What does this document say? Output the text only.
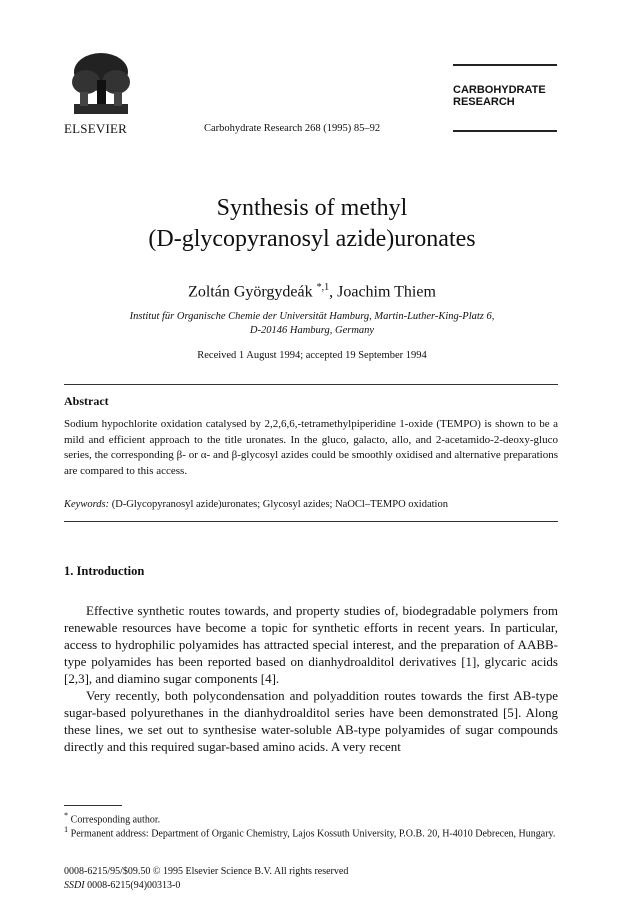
ELSEVIER	Carbohydrate Research 268 (1995) 85–92
CARBOHYDRATE
RESEARCH
Synthesis of methyl
(D-glycopyranosyl azide)uronates
Zoltán Györgydeák $^{*,1}$, Joachim Thiem
Institut für Organische Chemie der Universität Hamburg, Martin-Luther-King-Platz 6,
D-20146 Hamburg, Germany
Received 1 August 1994; accepted 19 September 1994
Abstract
Sodium hypochlorite oxidation catalysed by 2,2,6,6,-tetramethylpiperidine 1-oxide (TEMPO) is shown to be a mild and efficient approach to the title uronates. In the gluco, galacto, allo, and 2-acetamido-2-deoxy-gluco series, the corresponding β- or α- and β-glycosyl azides could be smoothly oxidised and alternative preparations are compared to this access.
Keywords: (D-Glycopyranosyl azide)uronates; Glycosyl azides; NaOCl–TEMPO oxidation
1. Introduction

Effective synthetic routes towards, and property studies of, biodegradable polymers from renewable resources have become a topic for synthetic efforts in recent years. In particular, access to hydrophilic polyamides has attracted special interest, and the preparation of AABB-type polyamides has been reported based on dianhydroalditol derivatives [1], glycaric acids [2,3], and diamino sugar components [4].

Very recently, both polycondensation and polyaddition routes towards the first AB-type sugar-based polyurethanes in the dianhydroalditol series have been demonstrated [5]. Along these lines, we set out to synthesise water-soluble AB-type polyamides of sugar compounds directly and this required sugar-based amino acids. A very recent

* Corresponding author.
$^1$ Permanent address: Department of Organic Chemistry, Lajos Kossuth University, P.O.B. 20, H-4010 Debrecen, Hungary.
0008-6215/95/$09.50 © 1995 Elsevier Science B.V. All rights reserved
SSDI 0008-6215(94)00313-0
